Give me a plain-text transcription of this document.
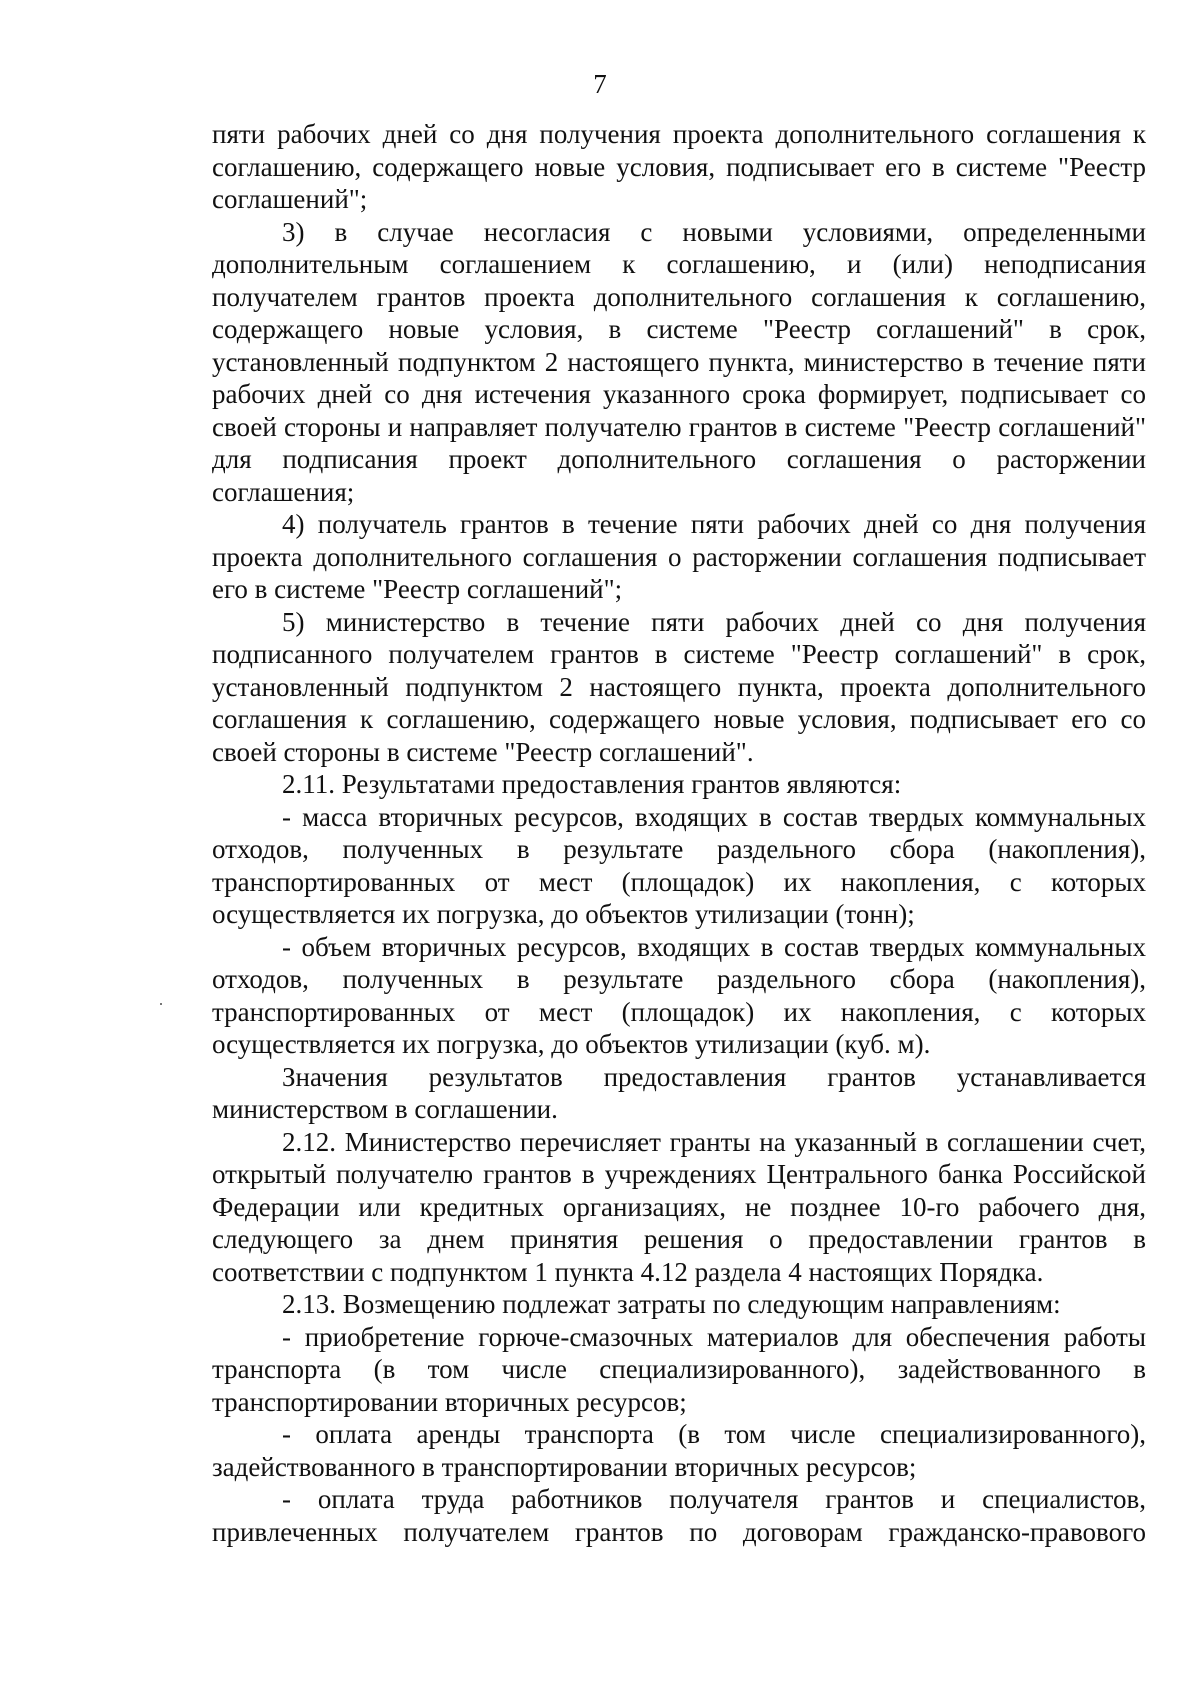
7

пяти рабочих дней со дня получения проекта дополнительного соглашения к соглашению, содержащего новые условия, подписывает его в системе "Реестр соглашений";

3) в случае несогласия с новыми условиями, определенными дополнительным соглашением к соглашению, и (или) неподписания получателем грантов проекта дополнительного соглашения к соглашению, содержащего новые условия, в системе "Реестр соглашений" в срок, установленный подпунктом 2 настоящего пункта, министерство в течение пяти рабочих дней со дня истечения указанного срока формирует, подписывает со своей стороны и направляет получателю грантов в системе "Реестр соглашений" для подписания проект дополнительного соглашения о расторжении соглашения;

4) получатель грантов в течение пяти рабочих дней со дня получения проекта дополнительного соглашения о расторжении соглашения подписывает его в системе "Реестр соглашений";

5) министерство в течение пяти рабочих дней со дня получения подписанного получателем грантов в системе "Реестр соглашений" в срок, установленный подпунктом 2 настоящего пункта, проекта дополнительного соглашения к соглашению, содержащего новые условия, подписывает его со своей стороны в системе "Реестр соглашений".

2.11. Результатами предоставления грантов являются:

- масса вторичных ресурсов, входящих в состав твердых коммунальных отходов, полученных в результате раздельного сбора (накопления), транспортированных от мест (площадок) их накопления, с которых осуществляется их погрузка, до объектов утилизации (тонн);

- объем вторичных ресурсов, входящих в состав твердых коммунальных отходов, полученных в результате раздельного сбора (накопления), транспортированных от мест (площадок) их накопления, с которых осуществляется их погрузка, до объектов утилизации (куб. м).

Значения результатов предоставления грантов устанавливается министерством в соглашении.

2.12. Министерство перечисляет гранты на указанный в соглашении счет, открытый получателю грантов в учреждениях Центрального банка Российской Федерации или кредитных организациях, не позднее 10-го рабочего дня, следующего за днем принятия решения о предоставлении грантов в соответствии с подпунктом 1 пункта 4.12 раздела 4 настоящих Порядка.

2.13. Возмещению подлежат затраты по следующим направлениям:

- приобретение горюче-смазочных материалов для обеспечения работы транспорта (в том числе специализированного), задействованного в транспортировании вторичных ресурсов;

- оплата аренды транспорта (в том числе специализированного), задействованного в транспортировании вторичных ресурсов;

- оплата труда работников получателя грантов и специалистов, привлеченных получателем грантов по договорам гражданско-правового
